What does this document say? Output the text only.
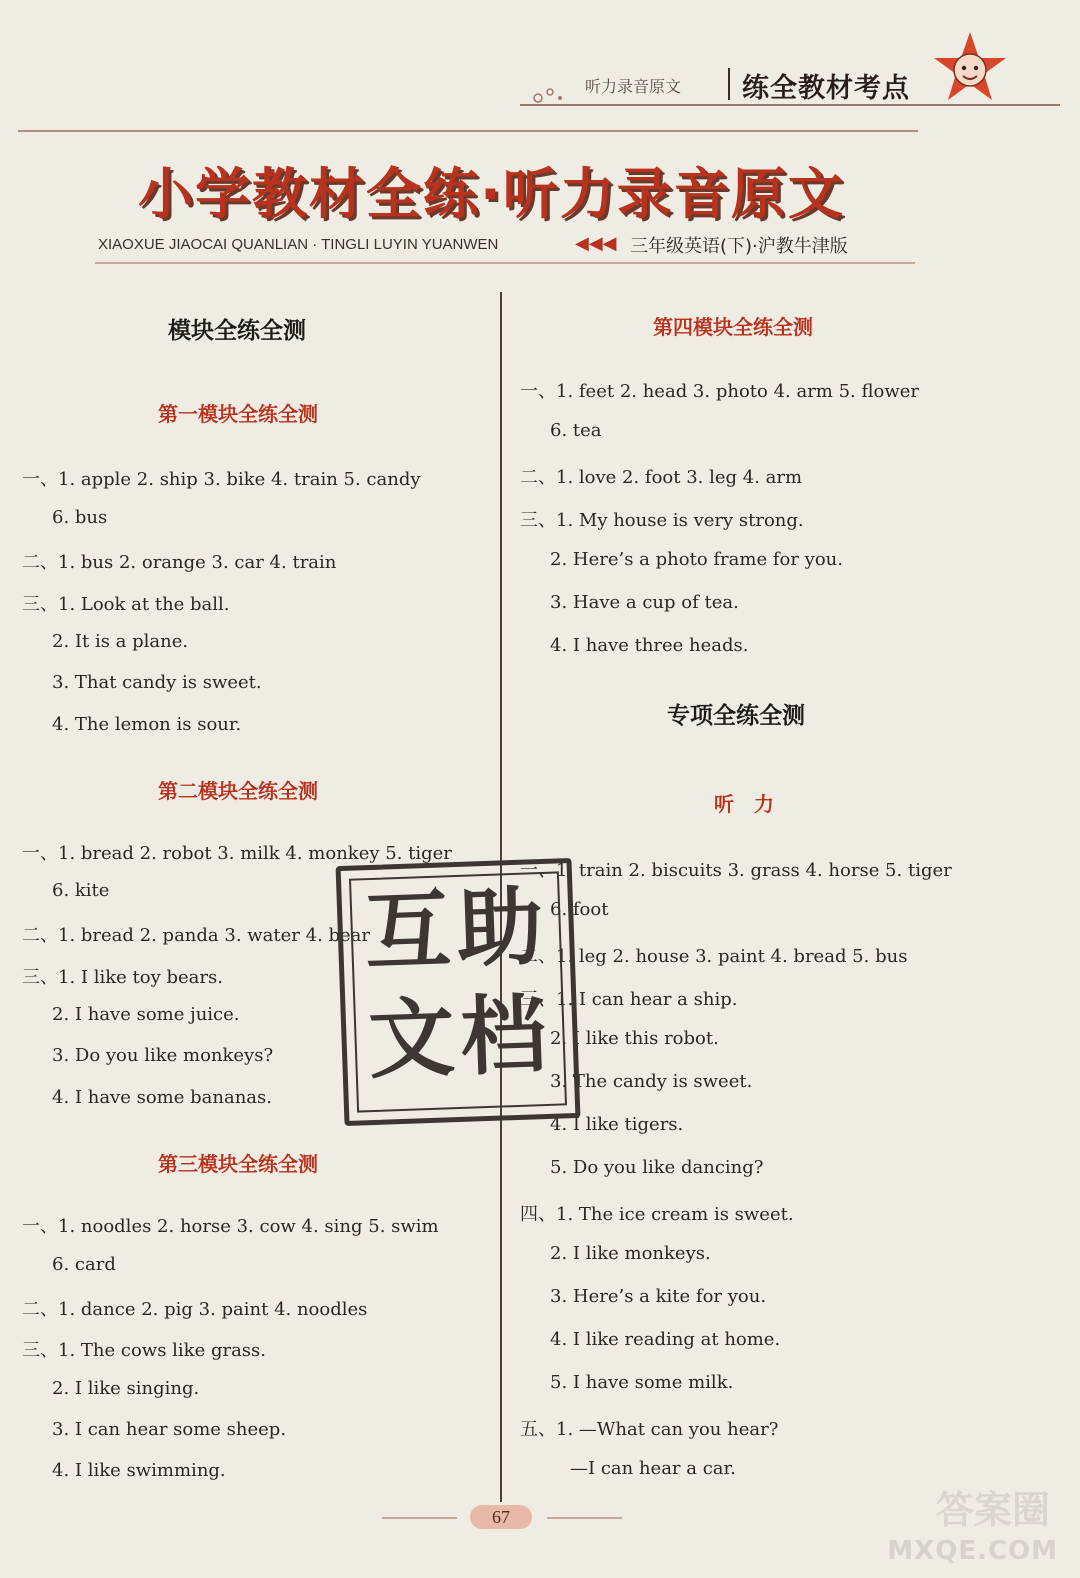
听力录音原文 练全教材考点
小学教材全练·听力录音原文
XIAOXUE JIAOCAI QUANLIAN · TINGLI LUYIN YUANWEN	◀◀◀ 三年级英语(下)·沪教牛津版
模块全练全测
第一模块全练全测
一、1. apple 2. ship 3. bike 4. train 5. candy
6. bus
二、1. bus 2. orange 3. car 4. train
三、1. Look at the ball.
2. It is a plane.
3. That candy is sweet.
4. The lemon is sour.
第二模块全练全测
一、1. bread 2. robot 3. milk 4. monkey 5. tiger
6. kite
二、1. bread 2. panda 3. water 4. bear
三、1. I like toy bears.
2. I have some juice.
3. Do you like monkeys?
4. I have some bananas.
第三模块全练全测
一、1. noodles 2. horse 3. cow 4. sing 5. swim
6. card
二、1. dance 2. pig 3. paint 4. noodles
三、1. The cows like grass.
2. I like singing.
3. I can hear some sheep.
4. I like swimming.
第四模块全练全测
一、1. feet 2. head 3. photo 4. arm 5. flower
6. tea
二、1. love 2. foot 3. leg 4. arm
三、1. My house is very strong.
2. Here’s a photo frame for you.
3. Have a cup of tea.
4. I have three heads.
专项全练全测
听　力
一、1. train 2. biscuits 3. grass 4. horse 5. tiger
6. foot
二、1. leg 2. house 3. paint 4. bread 5. bus
三、1. I can hear a ship.
2. I like this robot.
3. The candy is sweet.
4. I like tigers.
5. Do you like dancing?
四、1. The ice cream is sweet.
2. I like monkeys.
3. Here’s a kite for you.
4. I like reading at home.
5. I have some milk.
五、1. —What can you hear?
—I can hear a car.
互 助
文 档
67	答案圈
MXQE.COM
